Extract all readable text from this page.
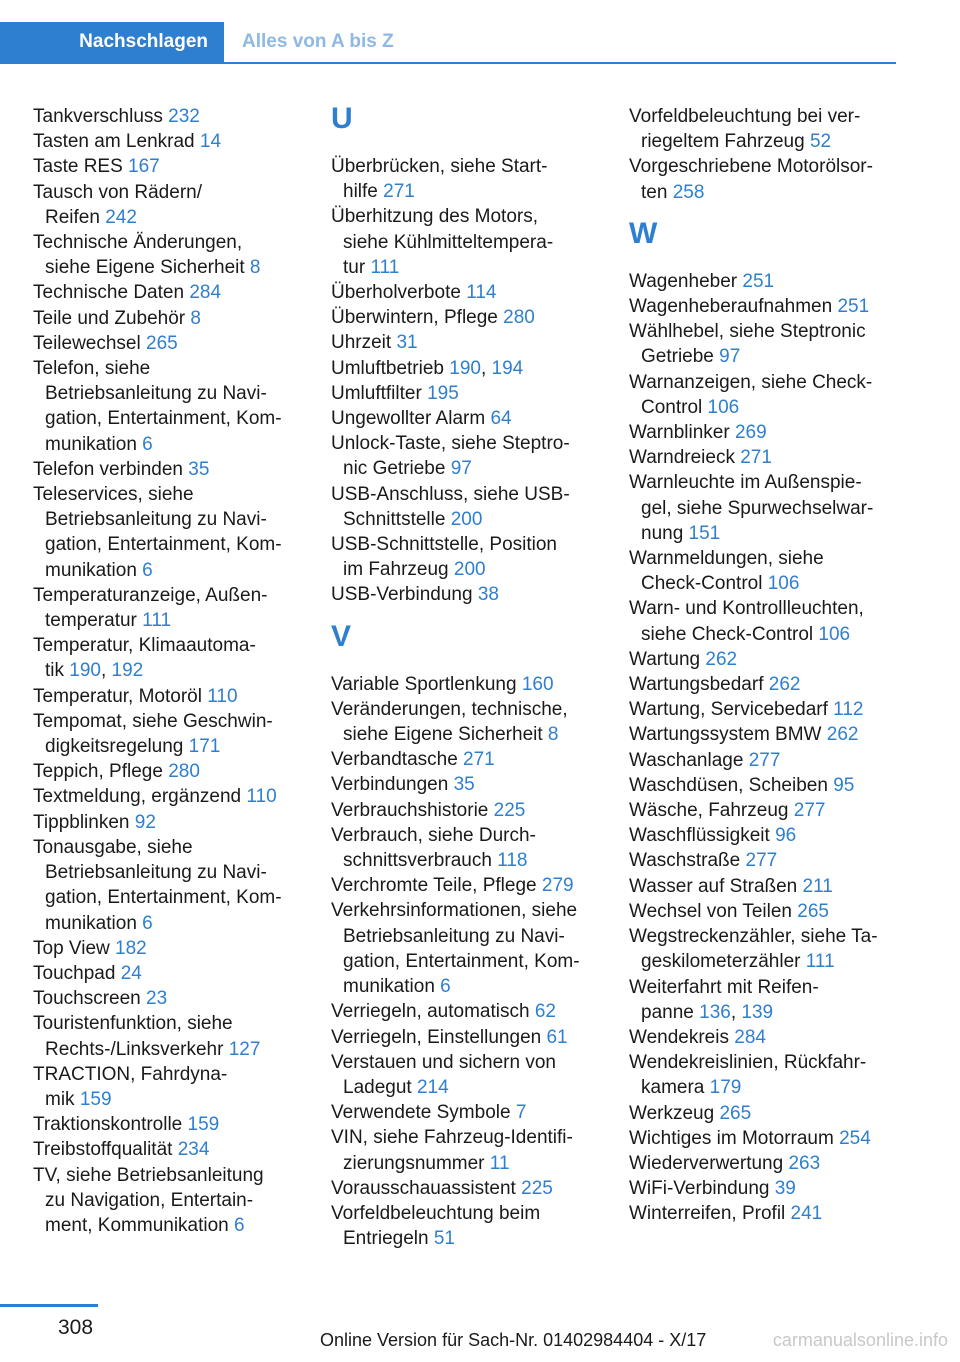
Nachschlagen Alles von A bis Z
Tankverschluss 232
Tasten am Lenkrad 14
Taste RES 167
Tausch von Rädern/
Reifen 242
Technische Änderungen,
siehe Eigene Sicherheit 8
Technische Daten 284
Teile und Zubehör 8
Teilewechsel 265
Telefon, siehe
Betriebsanleitung zu Navi-
gation, Entertainment, Kom-
munikation 6
Telefon verbinden 35
Teleservices, siehe
Betriebsanleitung zu Navi-
gation, Entertainment, Kom-
munikation 6
Temperaturanzeige, Außen-
temperatur 111
Temperatur, Klimaautoma-
tik 190, 192
Temperatur, Motoröl 110
Tempomat, siehe Geschwin-
digkeitsregelung 171
Teppich, Pflege 280
Textmeldung, ergänzend 110
Tippblinken 92
Tonausgabe, siehe
Betriebsanleitung zu Navi-
gation, Entertainment, Kom-
munikation 6
Top View 182
Touchpad 24
Touchscreen 23
Touristenfunktion, siehe
Rechts-/Linksverkehr 127
TRACTION, Fahrdyna-
mik 159
Traktionskontrolle 159
Treibstoffqualität 234
TV, siehe Betriebsanleitung
zu Navigation, Entertain-
ment, Kommunikation 6
U
Überbrücken, siehe Start-
hilfe 271
Überhitzung des Motors,
siehe Kühlmitteltempera-
tur 111
Überholverbote 114
Überwintern, Pflege 280
Uhrzeit 31
Umluftbetrieb 190, 194
Umluftfilter 195
Ungewollter Alarm 64
Unlock-Taste, siehe Steptro-
nic Getriebe 97
USB-Anschluss, siehe USB-
Schnittstelle 200
USB-Schnittstelle, Position
im Fahrzeug 200
USB-Verbindung 38
V
Variable Sportlenkung 160
Veränderungen, technische,
siehe Eigene Sicherheit 8
Verbandtasche 271
Verbindungen 35
Verbrauchshistorie 225
Verbrauch, siehe Durch-
schnittsverbrauch 118
Verchromte Teile, Pflege 279
Verkehrsinformationen, siehe
Betriebsanleitung zu Navi-
gation, Entertainment, Kom-
munikation 6
Verriegeln, automatisch 62
Verriegeln, Einstellungen 61
Verstauen und sichern von
Ladegut 214
Verwendete Symbole 7
VIN, siehe Fahrzeug-Identifi-
zierungsnummer 11
Vorausschauassistent 225
Vorfeldbeleuchtung beim
Entriegeln 51
Vorfeldbeleuchtung bei ver-
riegeltem Fahrzeug 52
Vorgeschriebene Motorölsor-
ten 258
W
Wagenheber 251
Wagenheberaufnahmen 251
Wählhebel, siehe Steptronic
Getriebe 97
Warnanzeigen, siehe Check-
Control 106
Warnblinker 269
Warndreieck 271
Warnleuchte im Außenspie-
gel, siehe Spurwechselwar-
nung 151
Warnmeldungen, siehe
Check-Control 106
Warn- und Kontrollleuchten,
siehe Check-Control 106
Wartung 262
Wartungsbedarf 262
Wartung, Servicebedarf 112
Wartungssystem BMW 262
Waschanlage 277
Waschdüsen, Scheiben 95
Wäsche, Fahrzeug 277
Waschflüssigkeit 96
Waschstraße 277
Wasser auf Straßen 211
Wechsel von Teilen 265
Wegstreckenzähler, siehe Ta-
geskilometerzähler 111
Weiterfahrt mit Reifen-
panne 136, 139
Wendekreis 284
Wendekreislinien, Rückfahr-
kamera 179
Werkzeug 265
Wichtiges im Motorraum 254
Wiederverwertung 263
WiFi-Verbindung 39
Winterreifen, Profil 241
308
Online Version für Sach-Nr. 01402984404 - X/17	carmanualsonline.info
